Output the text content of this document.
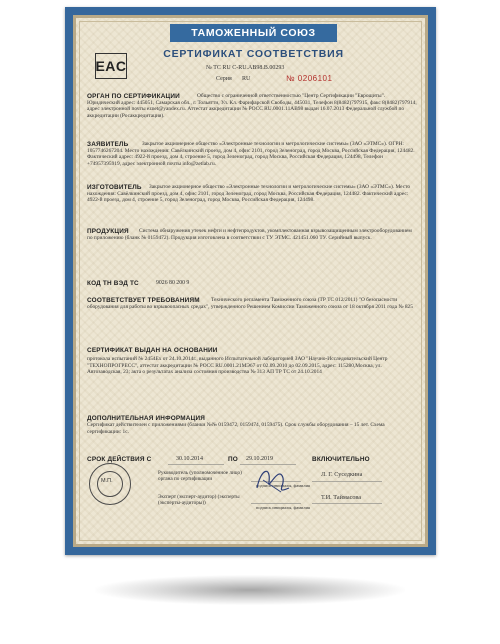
ТАМОЖЕННЫЙ СОЮЗ
СЕРТИФИКАТ СООТВЕТСТВИЯ
EAC	№ ТС RU C-RU.АВ98.В.00293
Серия RU	№ 0206101
ОРГАН ПО СЕРТИФИКАЦИИ	Общество с ограниченной ответственностью "Центр Сертификации "Еврощиты". Юридический адрес: 445051, Самарская обл., г. Тольятти, Ул. Кл. Фарифарской Свободы, 445031, Телефон 8(8482)797915, факс 8(8482)797914, адрес электронной почты eznet@yandex.ru. Аттестат аккредитации № РОСС RU.0001.11АВ98 выдан 16.07.2013 Федеральной службой по аккредитации (Росаккредитация).
ЗАЯВИТЕЛЬ	Закрытое акционерное общество «Электронные технологии и метрологические системы» (ЗАО «ЭТМС»). ОГРН: 1057746267204. Место нахождения: Савёлкинский проезд, дом 4, офис 2101, город Зеленоград, город Москва, Российская Федерация, 124482. Фактический адрес: 4922-й проезд, дом 4, строение 5, город Зеленоград, город Москва, Российская Федерация, 124498, Телефон +74957395919, адрес электронной почты info@zetlab.ru.
ИЗГОТОВИТЕЛЬ	Закрытое акционерное общество «Электронные технологии и метрологические системы» (ЗАО «ЭТМС»). Место нахождения: Савёлкинский проезд, дом 4, офис 2101, город Зеленоград, город Москва, Российская Федерация, 124482. Фактический адрес: 4922-й проезд, дом 4, строение 5, город Зеленоград, город Москва, Российская Федерация, 124498.
ПРОДУКЦИЯ	Система обнаружения утечек нефти и нефтепродуктов, укомплектованная взрывозащищенным электрооборудованием по приложению (бланк № 0159472). Продукция изготовлена в соответствии с ТУ ЭТМС. 421451.060 ТУ. Серийный выпуск.
КОД ТН ВЭД ТС	9026 80 200 9
СООТВЕТСТВУЕТ ТРЕБОВАНИЯМ	Технического регламента Таможенного союза (ТР ТС 012/2011) "О безопасности оборудования для работы во взрывоопасных средах", утвержденного Решением Комиссии Таможенного союза от 18 октября 2011 года № 825
СЕРТИФИКАТ ВЫДАН НА ОСНОВАНИИ
протокола испытаний № 2454Ех от 24.10.2014г., выданного Испытательной лабораторией ЗАО "Научно-Исследовательский Центр "ТЕХНОПРОГРЕСС", аттестат аккредитации № РОСС RU.0001.21МЭ67 от 02.09.2010 до 02.09.2015, адрес: 115280,Москва, ул. Автозаводская, 23; акта о результатах анализа состояния производства № 313 АП ТР ТС от 24.10.2014
ДОПОЛНИТЕЛЬНАЯ ИНФОРМАЦИЯ
Сертификат действителен с приложениями (бланки №№ 0159472, 0159474, 0159475). Срок службы оборудования – 15 лет. Схема сертификации: 1с.
СРОК ДЕЙСТВИЯ С	30.10.2014	ПО 29.10.2019	ВКЛЮЧИТЕЛЬНО
М.П.
Руководитель (уполномоченное лицо) органа по сертификации
подпись инициалы, фамилия
Л. Г. Суседкина
Эксперт (эксперт-аудитор) (эксперты (эксперты-аудиторы))
подпись инициалы, фамилия
Т.И. Таймасова
